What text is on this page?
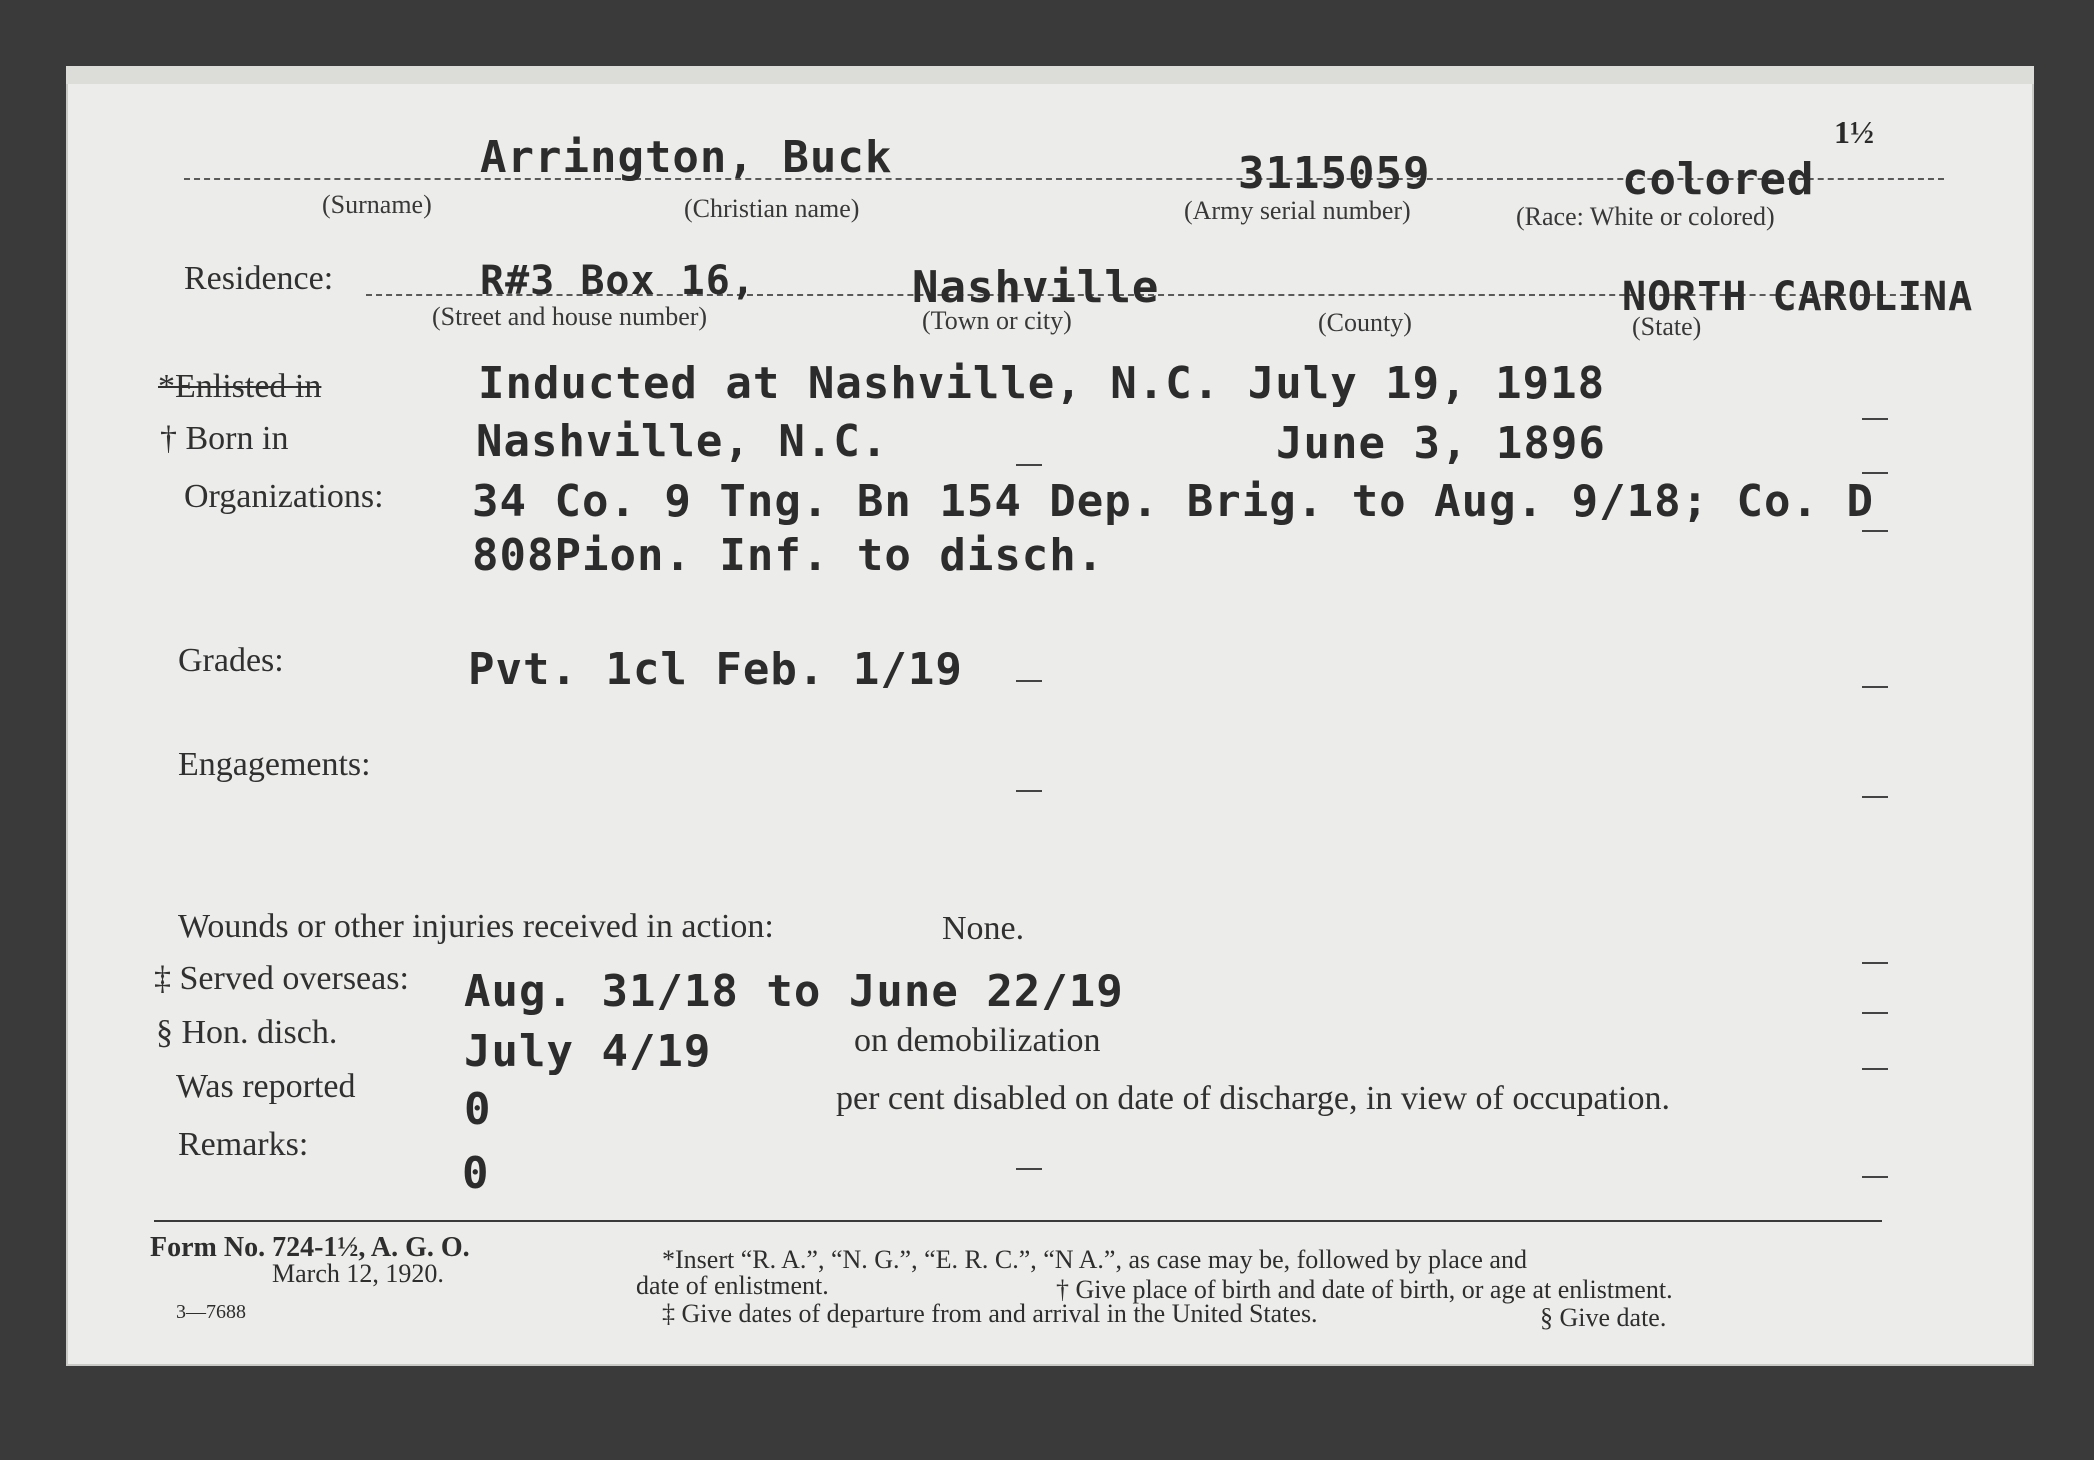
1½
Arrington, Buck	3115059	colored
(Surname)	(Christian name)	(Army serial number)	(Race: White or colored)
Residence:	R#3 Box 16,	Nashville	NORTH CAROLINA
(Street and house number)	(Town or city)	(County)	(State)
*Enlisted in	Inducted at Nashville, N.C. July 19, 1918
† Born in	Nashville, N.C.	June 3, 1896
Organizations: 34 Co. 9 Tng. Bn 154 Dep. Brig. to Aug. 9/18; Co. D
808Pion. Inf. to disch.
Grades:	Pvt. 1cl Feb. 1/19
Engagements:
Wounds or other injuries received in action:	None.
‡ Served overseas: Aug. 31/18 to June 22/19
§ Hon. disch.	July 4/19	on demobilization
Was reported 0	per cent disabled on date of discharge, in view of occupation.
Remarks:
0
Form No. 724-1½, A. G. O.
March 12, 1920.
3—7688
*Insert “R. A.”, “N. G.”, “E. R. C.”, “N A.”, as case may be, followed by place and
date of enlistment.	† Give place of birth and date of birth, or age at enlistment.
‡ Give dates of departure from and arrival in the United States.	§ Give date.
